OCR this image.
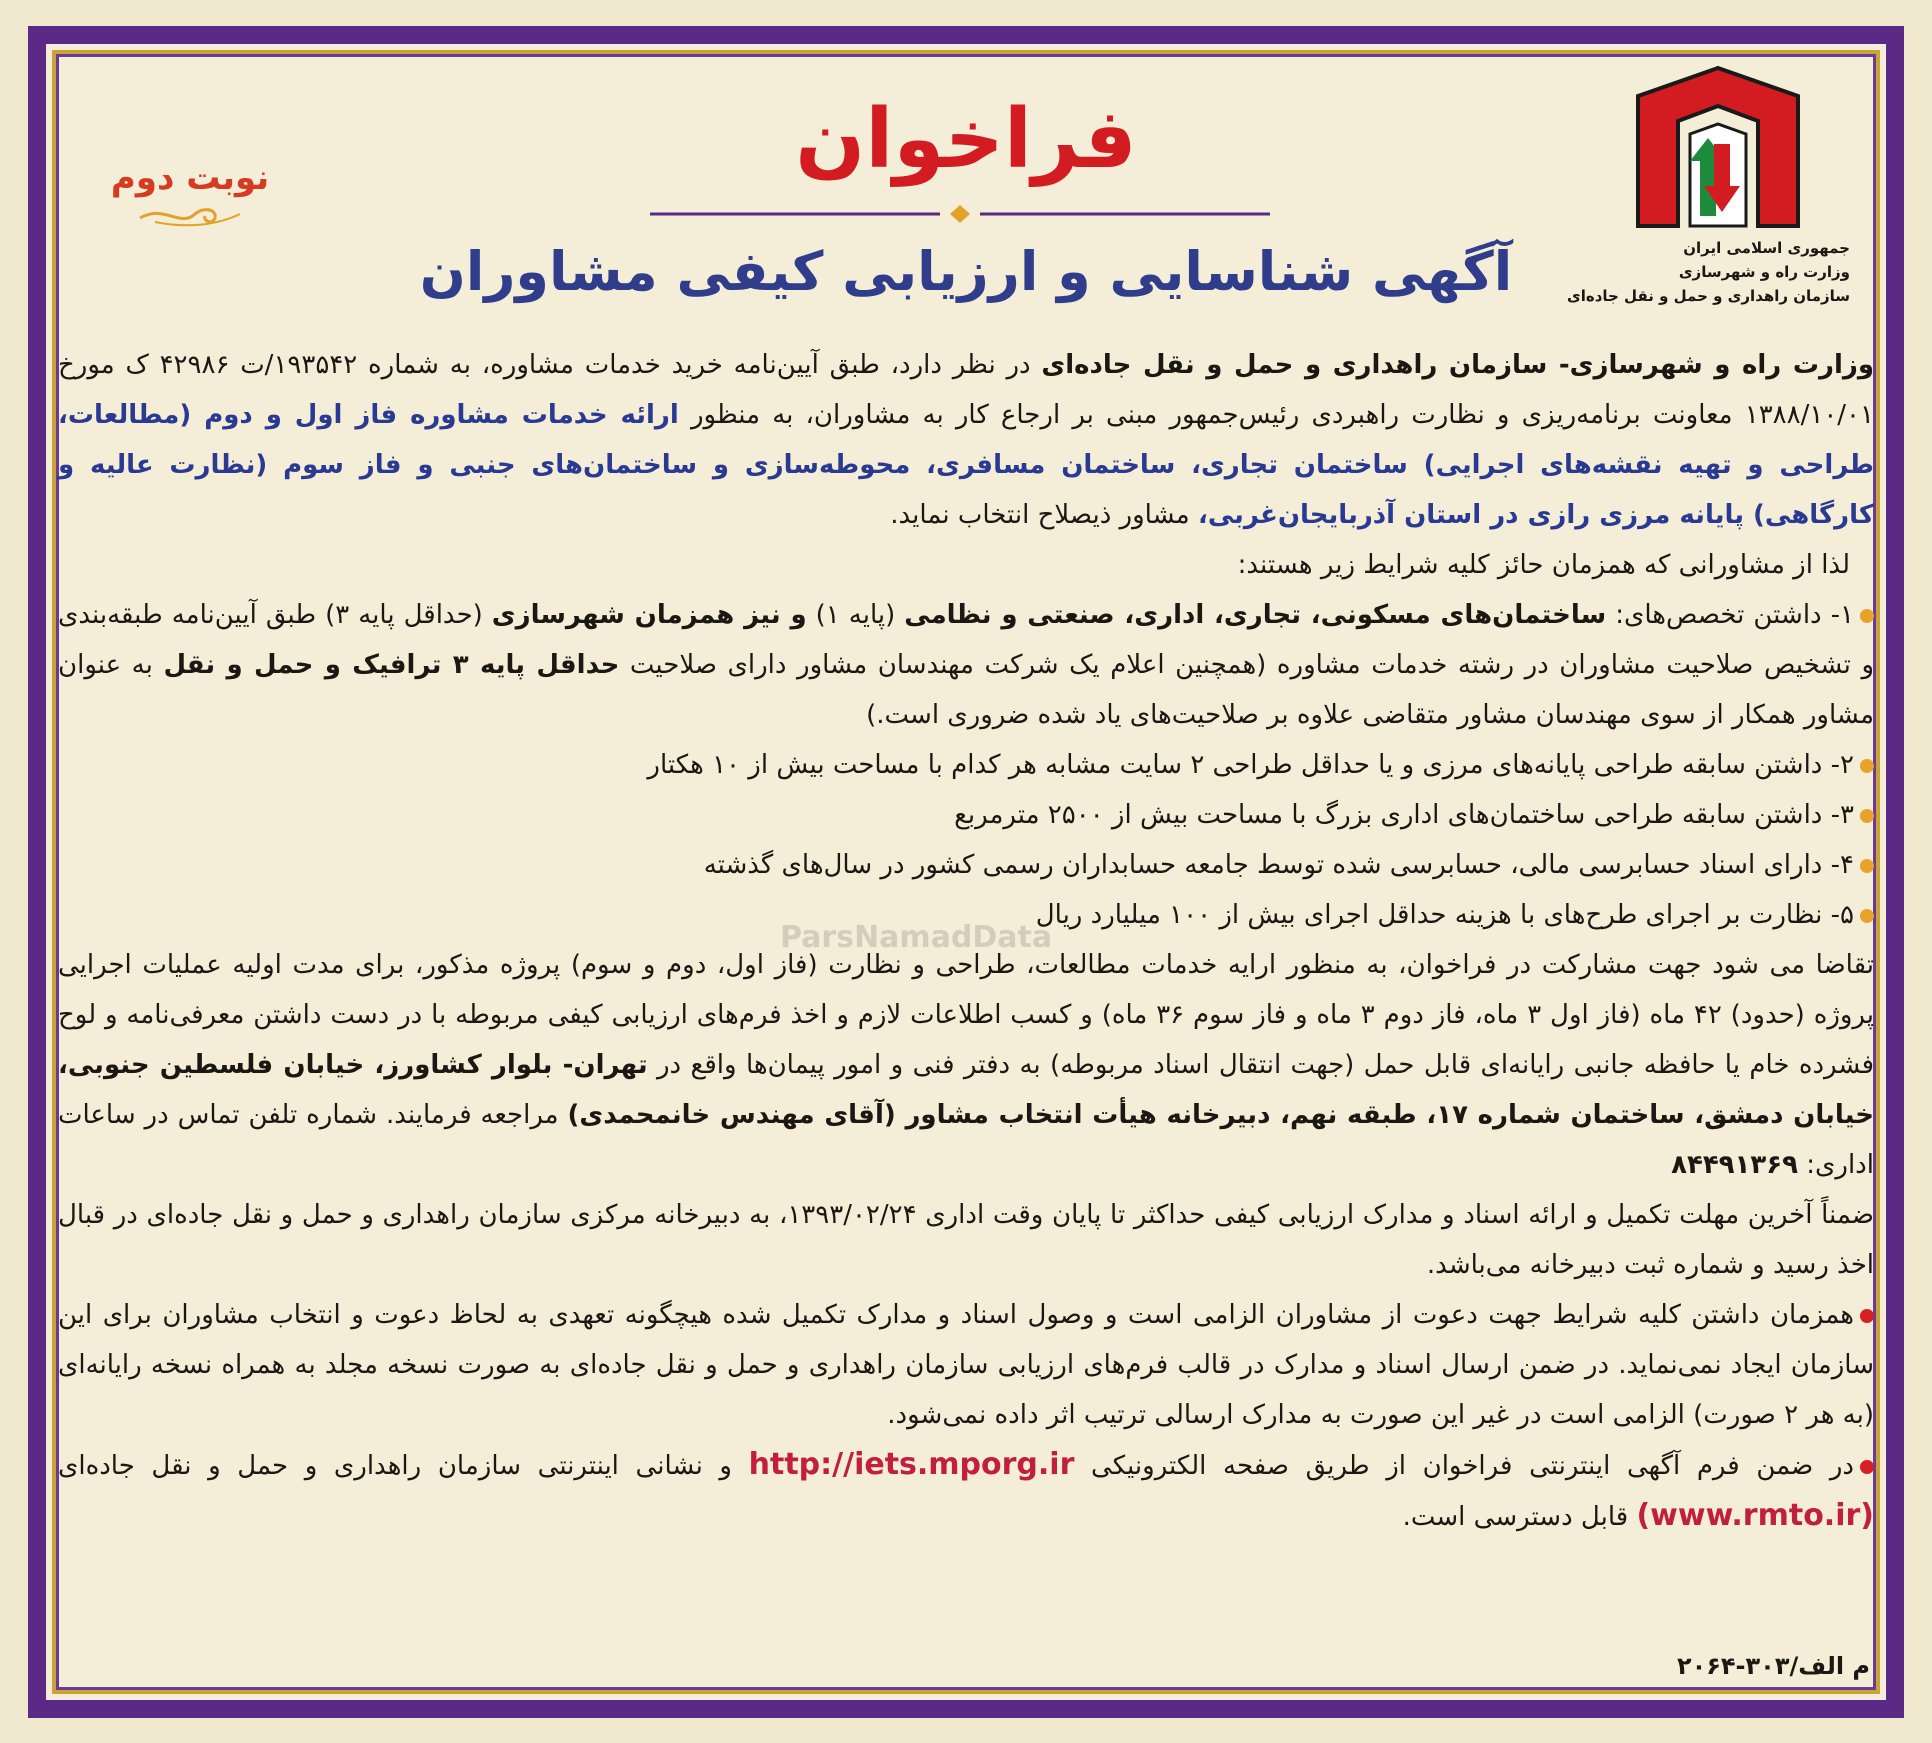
جمهوری اسلامی ایران
وزارت راه و شهرسازی
سازمان راهداری و حمل و نقل جاده‌ای
نوبت دوم	فراخوان
آگهی شناسایی و ارزیابی کیفی مشاوران

وزارت راه و شهرسازی- سازمان راهداری و حمل و نقل جاده‌ای در نظر دارد، طبق آیین‌نامه خرید خدمات مشاوره، به شماره ۱۹۳۵۴۲/ت ۴۲۹۸۶ ک مورخ ۱۳۸۸/۱۰/۰۱ معاونت برنامه‌ریزی و نظارت راهبردی رئیس‌جمهور مبنی بر ارجاع کار به مشاوران، به منظور ارائه خدمات مشاوره فاز اول و دوم (مطالعات، طراحی و تهیه نقشه‌های اجرایی) ساختمان تجاری، ساختمان مسافری، محوطه‌سازی و ساختمان‌های جنبی و فاز سوم (نظارت عالیه و کارگاهی) پایانه مرزی رازی در استان آذربایجان‌غربی، مشاور ذیصلاح انتخاب نماید.

لذا از مشاورانی که همزمان حائز کلیه شرایط زیر هستند:

۱- داشتن تخصص‌های: ساختمان‌های مسکونی، تجاری، اداری، صنعتی و نظامی (پایه ۱) و نیز همزمان شهرسازی (حداقل پایه ۳) طبق آیین‌نامه طبقه‌بندی و تشخیص صلاحیت مشاوران در رشته خدمات مشاوره (همچنین اعلام یک شرکت مهندسان مشاور دارای صلاحیت حداقل پایه ۳ ترافیک و حمل و نقل به عنوان مشاور همکار از سوی مهندسان مشاور متقاضی علاوه بر صلاحیت‌های یاد شده ضروری است.)

۲- داشتن سابقه طراحی پایانه‌های مرزی و یا حداقل طراحی ۲ سایت مشابه هر کدام با مساحت بیش از ۱۰ هکتار

۳- داشتن سابقه طراحی ساختمان‌های اداری بزرگ با مساحت بیش از ۲۵۰۰ مترمربع

۴- دارای اسناد حسابرسی مالی، حسابرسی شده توسط جامعه حسابداران رسمی کشور در سال‌های گذشته

۵- نظارت بر اجرای طرح‌های با هزینه حداقل اجرای بیش از ۱۰۰ میلیارد ریال

تقاضا می شود جهت مشارکت در فراخوان، به منظور ارایه خدمات مطالعات، طراحی و نظارت (فاز اول، دوم و سوم) پروژه مذکور، برای مدت اولیه عملیات اجرایی پروژه (حدود) ۴۲ ماه (فاز اول ۳ ماه، فاز دوم ۳ ماه و فاز سوم ۳۶ ماه) و کسب اطلاعات لازم و اخذ فرم‌های ارزیابی کیفی مربوطه با در دست داشتن معرفی‌نامه و لوح فشرده خام یا حافظه جانبی رایانه‌ای قابل حمل (جهت انتقال اسناد مربوطه) به دفتر فنی و امور پیمان‌ها واقع در تهران- بلوار کشاورز، خیابان فلسطین جنوبی، خیابان دمشق، ساختمان شماره ۱۷، طبقه نهم، دبیرخانه هیأت انتخاب مشاور (آقای مهندس خانمحمدی) مراجعه فرمایند. شماره تلفن تماس در ساعات اداری: ۸۴۴۹۱۳۶۹

ضمناً آخرین مهلت تکمیل و ارائه اسناد و مدارک ارزیابی کیفی حداکثر تا پایان وقت اداری ۱۳۹۳/۰۲/۲۴، به دبیرخانه مرکزی سازمان راهداری و حمل و نقل جاده‌ای در قبال اخذ رسید و شماره ثبت دبیرخانه می‌باشد.

همزمان داشتن کلیه شرایط جهت دعوت از مشاوران الزامی است و وصول اسناد و مدارک تکمیل شده هیچگونه تعهدی به لحاظ دعوت و انتخاب مشاوران برای این سازمان ایجاد نمی‌نماید. در ضمن ارسال اسناد و مدارک در قالب فرم‌های ارزیابی سازمان راهداری و حمل و نقل جاده‌ای به صورت نسخه مجلد به همراه نسخه رایانه‌ای (به هر ۲ صورت) الزامی است در غیر این صورت به مدارک ارسالی ترتیب اثر داده نمی‌شود.

در ضمن فرم آگهی اینترنتی فراخوان از طریق صفحه الکترونیکی http://iets.mporg.ir و نشانی اینترنتی سازمان راهداری و حمل و نقل جاده‌ای (www.rmto.ir) قابل دسترسی است.

ParsNamadData
م الف/۳۰۳-۲۰۶۴
